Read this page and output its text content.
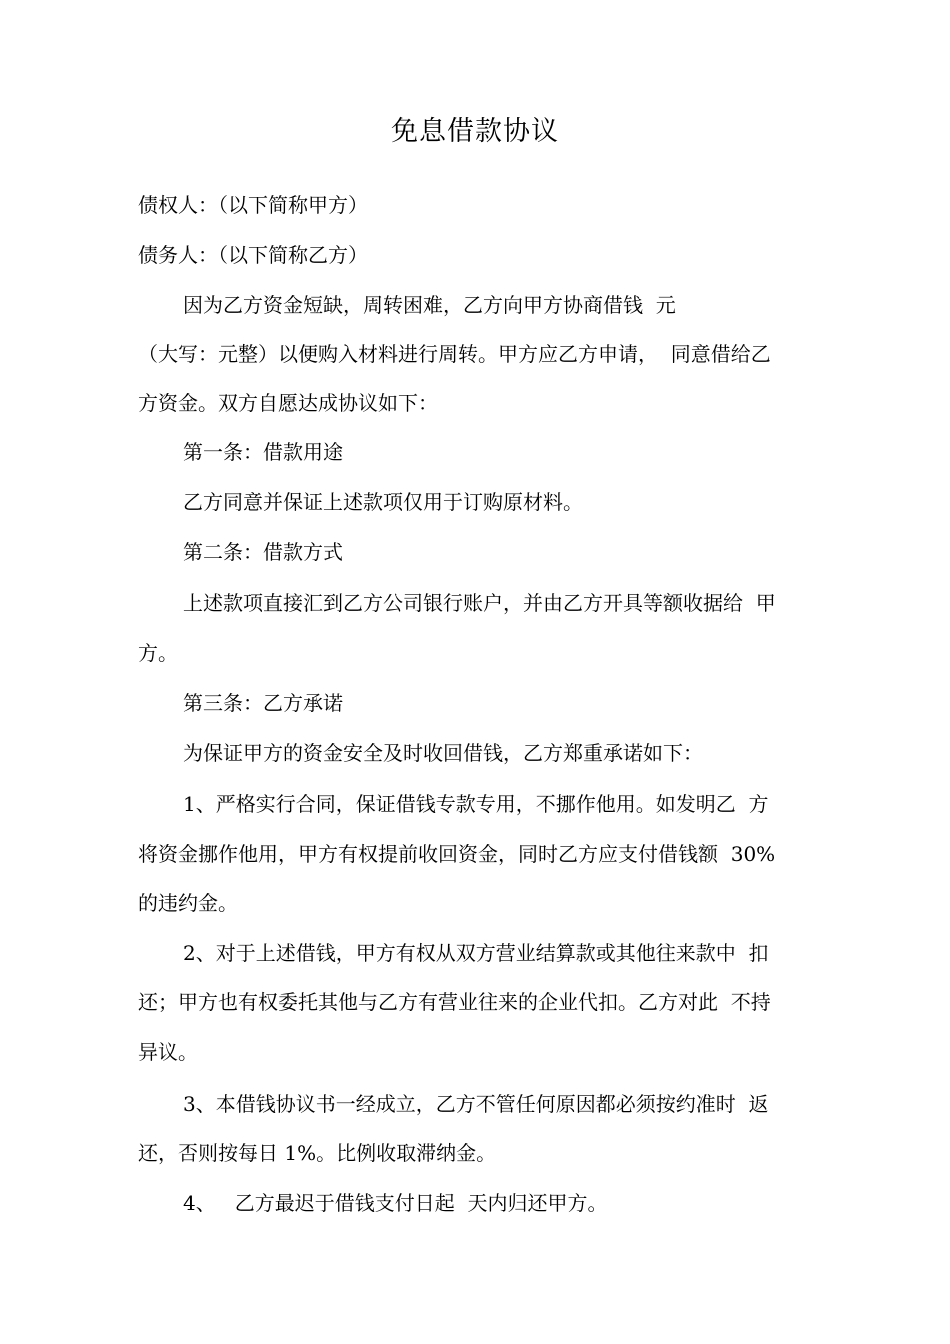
免息借款协议
债权人：（以下简称甲方）
债务人：（以下简称乙方）
因为乙方资金短缺，周转困难，乙方向甲方协商借钱  元
（大写：元整）以便购入材料进行周转。甲方应乙方申请，  同意借给乙
方资金。双方自愿达成协议如下：
第一条：借款用途
乙方同意并保证上述款项仅用于订购原材料。
第二条：借款方式
上述款项直接汇到乙方公司银行账户，并由乙方开具等额收据给  甲
方。
第三条：乙方承诺
为保证甲方的资金安全及时收回借钱，乙方郑重承诺如下：
1、严格实行合同，保证借钱专款专用，不挪作他用。如发明乙  方
将资金挪作他用，甲方有权提前收回资金，同时乙方应支付借钱额  30%
的违约金。
2、对于上述借钱，甲方有权从双方营业结算款或其他往来款中  扣
还；甲方也有权委托其他与乙方有营业往来的企业代扣。乙方对此  不持
异议。
3、本借钱协议书一经成立，乙方不管任何原因都必须按约准时  返
还，否则按每日 1%。比例收取滞纳金。
4、   乙方最迟于借钱支付日起  天内归还甲方。
